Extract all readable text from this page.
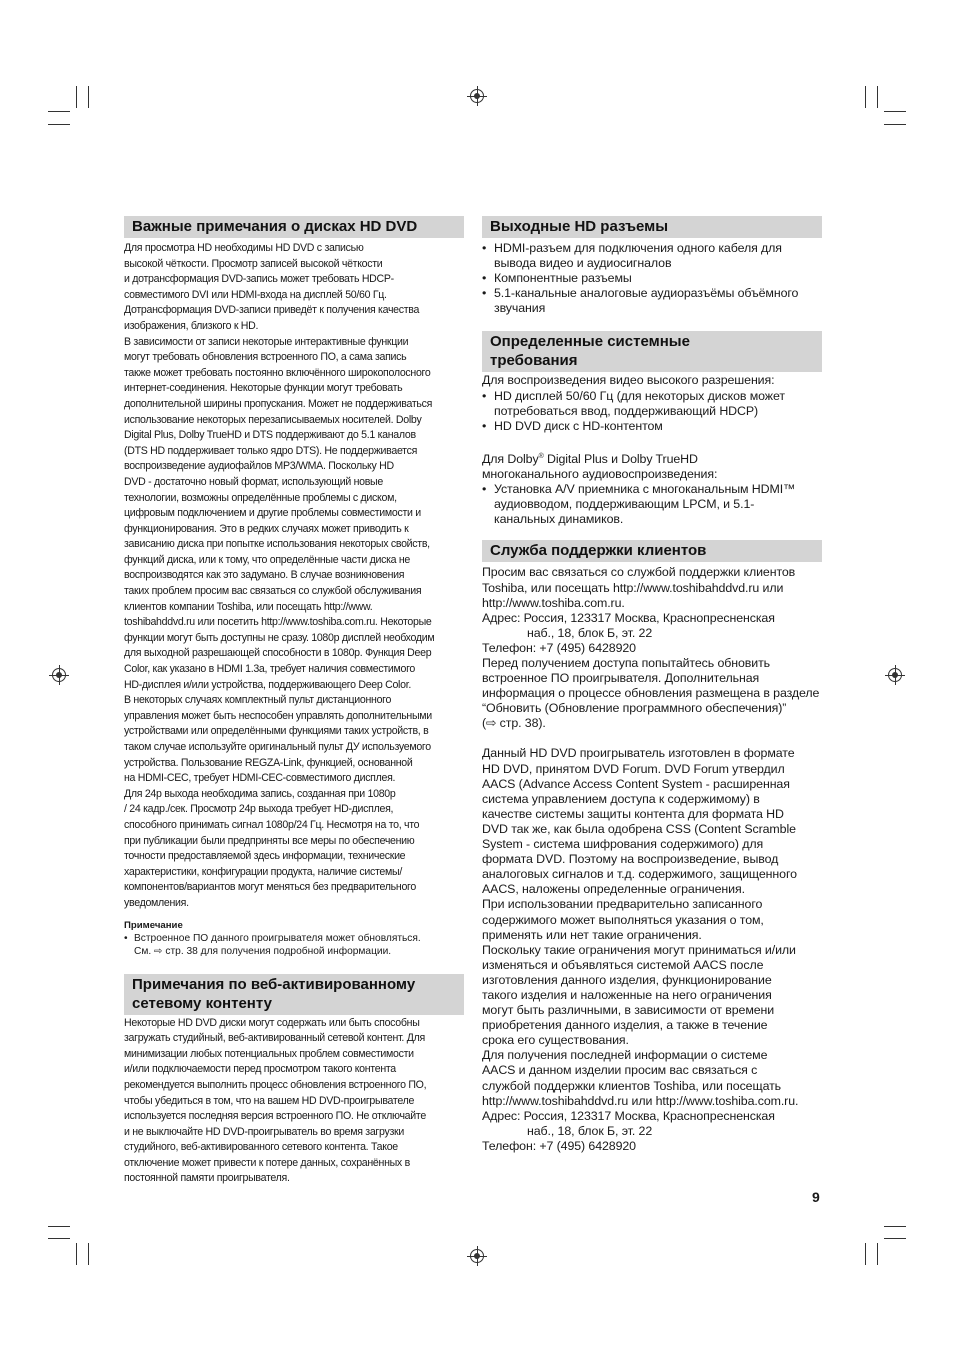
Важные примечания о дисках HD DVD
Для просмотра HD необходимы HD DVD с записью
высокой чёткости. Просмотр записей высокой чёткости
и дотрансформация DVD-запись может требовать HDCP-
совместимого DVI или HDMI-входа на дисплей 50/60 Гц.
Дотрансформация DVD-записи приведёт к получения качества
изображения, близкого к HD.
В зависимости от записи некоторые интерактивные функции
могут требовать обновления встроенного ПО, а сама запись
также может требовать постоянно включённого широкополосного
интернет-соединения. Некоторые функции могут требовать
дополнительной ширины пропускания. Может не поддерживаться
использование некоторых перезаписываемых носителей. Dolby
Digital Plus, Dolby TrueHD и DTS поддерживают до 5.1 каналов
(DTS HD поддерживает только ядро DTS). Не поддерживается
воспроизведение аудиофайлов MP3/WMA. Поскольку HD
DVD - достаточно новый формат, использующий новые
технологии, возможны определённые проблемы с диском,
цифровым подключением и другие проблемы совместимости и
функционирования. Это в редких случаях может приводить к
зависанию диска при попытке использования некоторых свойств,
функций диска, или к тому, что определённые части диска не
воспроизводятся как это задумано. В случае возникновения
таких проблем просим вас связаться со службой обслуживания
клиентов компании Toshiba, или посещать http://www.
toshibahddvd.ru или посетить http://www.toshiba.com.ru. Некоторые
функции могут быть доступны не сразу. 1080p дисплей необходим
для выходной разрешающей способности в 1080p. Функция Deep
Color, как указано в HDMI 1.3a, требует наличия совместимого
HD-дисплея и/или устройства, поддерживающего Deep Color.
В некоторых случаях комплектный пульт дистанционного
управления может быть неспособен управлять дополнительными
устройствами или определёнными функциями таких устройств, в
таком случае используйте оригинальный пульт ДУ используемого
устройства. Пользование REGZA-Link, функцией, основанной
на HDMI-CEC, требует HDMI-CEC-совместимого дисплея.
Для 24p выхода необходима запись, созданная при 1080p
/ 24 кадр./сек. Просмотр 24p выхода требует HD-дисплея,
способного принимать сигнал 1080p/24 Гц. Несмотря на то, что
при публикации были предприняты все меры по обеспечению
точности предоставляемой здесь информации, технические
характеристики, конфигурации продукта, наличие системы/
компонентов/вариантов могут меняться без предварительного
уведомления.
Примечание
• Встроенное ПО данного проигрывателя может обновляться.
См. ⇨ стр. 38 для получения подробной информации.
Примечания по веб-активированному
сетевому контенту
Некоторые HD DVD диски могут содержать или быть способны
загружать студийный, веб-активированный сетевой контент. Для
минимизации любых потенциальных проблем совместимости
и/или подключаемости перед просмотром такого контента
рекомендуется выполнить процесс обновления встроенного ПО,
чтобы убедиться в том, что на вашем HD DVD-проигрывателе
используется последняя версия встроенного ПО. Не отключайте
и не выключайте HD DVD-проигрыватель во время загрузки
студийного, веб-активированного сетевого контента. Такое
отключение может привести к потере данных, сохранённых в
постоянной памяти проигрывателя.
Выходные HD разъемы
• HDMI-разъем для подключения одного кабеля для
вывода видео и аудиосигналов
• Компонентные разъемы
• 5.1-канальные аналоговые аудиоразъёмы объёмного
звучания
Определенные системные
требования
Для воспроизведения видео высокого разрешения:
• HD дисплей 50/60 Гц (для некоторых дисков может
потребоваться ввод, поддерживающий HDCP)
• HD DVD диск с HD-контентом
Для Dolby® Digital Plus и Dolby TrueHD
многоканального аудиовоспроизведения:
• Установка A/V приемника с многоканальным HDMI™
аудиовводом, поддерживающим LPCM, и 5.1-
канальных динамиков.
Служба поддержки клиентов
Просим вас связаться со службой поддержки клиентов
Toshiba, или посещать http://www.toshibahddvd.ru или
http://www.toshiba.com.ru.
Адрес: Россия, 123317 Москва, Краснопресненская
наб., 18, блок Б, эт. 22
Телефон: +7 (495) 6428920
Перед получением доступа попытайтесь обновить
встроенное ПО проигрывателя. Дополнительная
информация о процессе обновления размещена в разделе
“Обновить (Обновление программного обеспечения)”
(⇨ стр. 38).
Данный HD DVD проигрыватель изготовлен в формате
HD DVD, принятом DVD Forum. DVD Forum утвердил
AACS (Advance Access Content System - расширенная
система управлением доступа к содержимому) в
качестве системы защиты контента для формата HD
DVD так же, как была одобрена CSS (Content Scramble
System - система шифрования содержимого) для
формата DVD. Поэтому на воспроизведение, вывод
аналоговых сигналов и т.д. содержимого, защищенного
AACS, наложены определенные ограничения.
При использовании предварительно записанного
содержимого может выполняться указания о том,
применять или нет такие ограничения.
Поскольку такие ограничения могут приниматься и/или
изменяться и объявляться системой AACS после
изготовления данного изделия, функционирование
такого изделия и наложенные на него ограничения
могут быть различными, в зависимости от времени
приобретения данного изделия, а также в течение
срока его существования.
Для получения последней информации о системе
AACS и данном изделии просим вас связаться с
службой поддержки клиентов Toshiba, или посещать
http://www.toshibahddvd.ru или http://www.toshiba.com.ru.
Адрес: Россия, 123317 Москва, Краснопресненская
наб., 18, блок Б, эт. 22
Телефон: +7 (495) 6428920
9
